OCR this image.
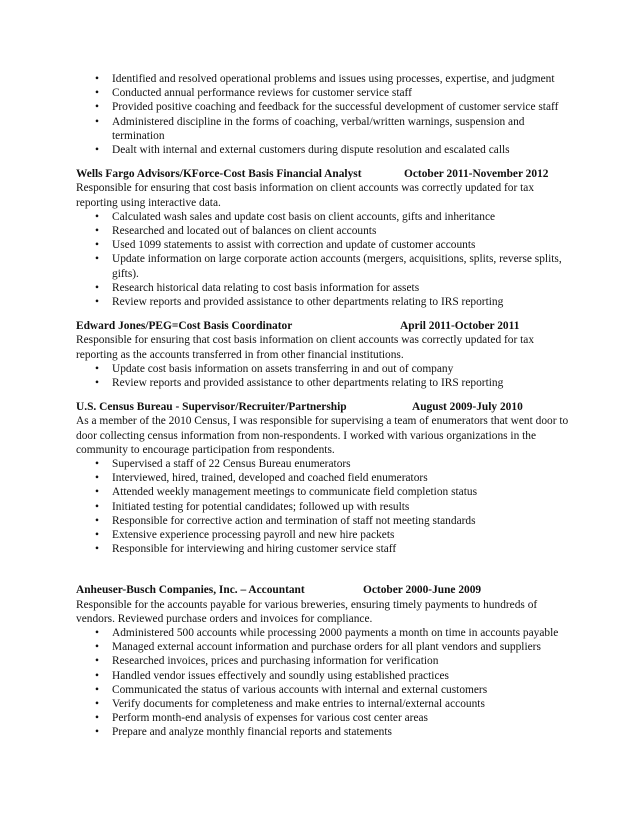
• Identified and resolved operational problems and issues using processes, expertise, and judgment
• Conducted annual performance reviews for customer service staff
• Provided positive coaching and feedback for the successful development of customer service staff
• Administered discipline in the forms of coaching, verbal/written warnings, suspension and termination
• Dealt with internal and external customers during dispute resolution and escalated calls
Wells Fargo Advisors/KForce-Cost Basis Financial Analyst	October 2011-November 2012

Responsible for ensuring that cost basis information on client accounts was correctly updated for tax reporting using interactive data.

• Calculated wash sales and update cost basis on client accounts, gifts and inheritance
• Researched and located out of balances on client accounts
• Used 1099 statements to assist with correction and update of customer accounts
• Update information on large corporate action accounts (mergers, acquisitions, splits, reverse splits, gifts).
• Research historical data relating to cost basis information for assets
• Review reports and provided assistance to other departments relating to IRS reporting
Edward Jones/PEG=Cost Basis Coordinator	April 2011-October 2011

Responsible for ensuring that cost basis information on client accounts was correctly updated for tax reporting as the accounts transferred in from other financial institutions.

• Update cost basis information on assets transferring in and out of company
• Review reports and provided assistance to other departments relating to IRS reporting
U.S. Census Bureau - Supervisor/Recruiter/Partnership	August 2009-July 2010

As a member of the 2010 Census, I was responsible for supervising a team of enumerators that went door to door collecting census information from non-respondents. I worked with various organizations in the community to encourage participation from respondents.

• Supervised a staff of 22 Census Bureau enumerators
• Interviewed, hired, trained, developed and coached field enumerators
• Attended weekly management meetings to communicate field completion status
• Initiated testing for potential candidates; followed up with results
• Responsible for corrective action and termination of staff not meeting standards
• Extensive experience processing payroll and new hire packets
• Responsible for interviewing and hiring customer service staff
Anheuser-Busch Companies, Inc. – Accountant	October 2000-June 2009

Responsible for the accounts payable for various breweries, ensuring timely payments to hundreds of vendors. Reviewed purchase orders and invoices for compliance.

• Administered 500 accounts while processing 2000 payments a month on time in accounts payable
• Managed external account information and purchase orders for all plant vendors and suppliers
• Researched invoices, prices and purchasing information for verification
• Handled vendor issues effectively and soundly using established practices
• Communicated the status of various accounts with internal and external customers
• Verify documents for completeness and make entries to internal/external accounts
• Perform month-end analysis of expenses for various cost center areas
• Prepare and analyze monthly financial reports and statements
